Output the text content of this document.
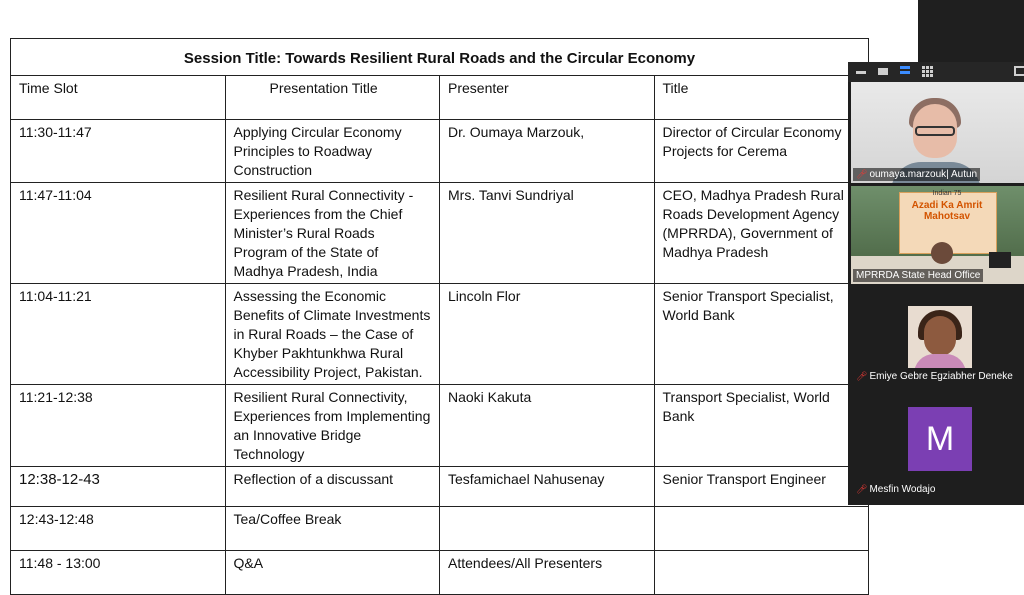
Session Title: Towards Resilient Rural Roads and the Circular Economy			
Time Slot	Presentation Title	Presenter	Title
11:30-11:47	Applying Circular Economy Principles to Roadway Construction	Dr. Oumaya Marzouk,	Director of Circular Economy Projects for Cerema
11:47-11:04	Resilient Rural Connectivity - Experiences from the Chief Minister’s Rural Roads Program of the State of Madhya Pradesh, India	Mrs. Tanvi Sundriyal	CEO, Madhya Pradesh Rural Roads Development Agency (MPRRDA), Government of Madhya Pradesh
11:04-11:21	Assessing the Economic Benefits of Climate Investments in Rural Roads – the Case of Khyber Pakhtunkhwa Rural Accessibility Project, Pakistan.	Lincoln Flor	Senior Transport Specialist, World Bank
11:21-12:38	Resilient Rural Connectivity, Experiences from Implementing an Innovative Bridge Technology	Naoki Kakuta	Transport Specialist, World Bank
12:38-12-43	Reflection of a discussant	Tesfamichael Nahusenay	Senior Transport Engineer
12:43-12:48	Tea/Coffee Break		
11:48 - 13:00	Q&A	Attendees/All Presenters	
🎤︎ oumaya.marzouk| Autun
Indian 75
Azadi Ka Amrit Mahotsav
MPRRDA State Head Office
🎤︎ Emiye Gebre Egziabher Deneke
M
🎤︎ Mesfin Wodajo
